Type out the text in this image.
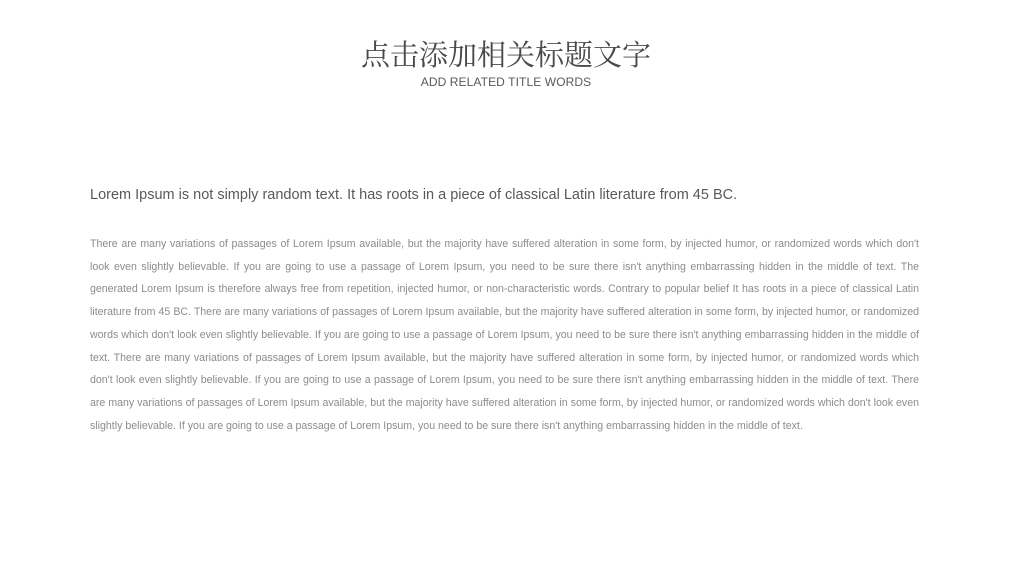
点击添加相关标题文字
ADD RELATED TITLE WORDS
Lorem Ipsum is not simply random text. It has roots in a piece of classical Latin literature from 45 BC.
There are many variations of passages of Lorem Ipsum available, but the majority have suffered alteration in some form, by injected humor, or randomized words which don't look even slightly believable. If you are going to use a passage of Lorem Ipsum, you need to be sure there isn't anything embarrassing hidden in the middle of text. The generated Lorem Ipsum is therefore always free from repetition, injected humor, or non-characteristic words. Contrary to popular belief It has roots in a piece of classical Latin literature from 45 BC. There are many variations of passages of Lorem Ipsum available, but the majority have suffered alteration in some form, by injected humor, or randomized words which don't look even slightly believable. If you are going to use a passage of Lorem Ipsum, you need to be sure there isn't anything embarrassing hidden in the middle of text. There are many variations of passages of Lorem Ipsum available, but the majority have suffered alteration in some form, by injected humor, or randomized words which don't look even slightly believable. If you are going to use a passage of Lorem Ipsum, you need to be sure there isn't anything embarrassing hidden in the middle of text. There are many variations of passages of Lorem Ipsum available, but the majority have suffered alteration in some form, by injected humor, or randomized words which don't look even slightly believable. If you are going to use a passage of Lorem Ipsum, you need to be sure there isn't anything embarrassing hidden in the middle of text.
